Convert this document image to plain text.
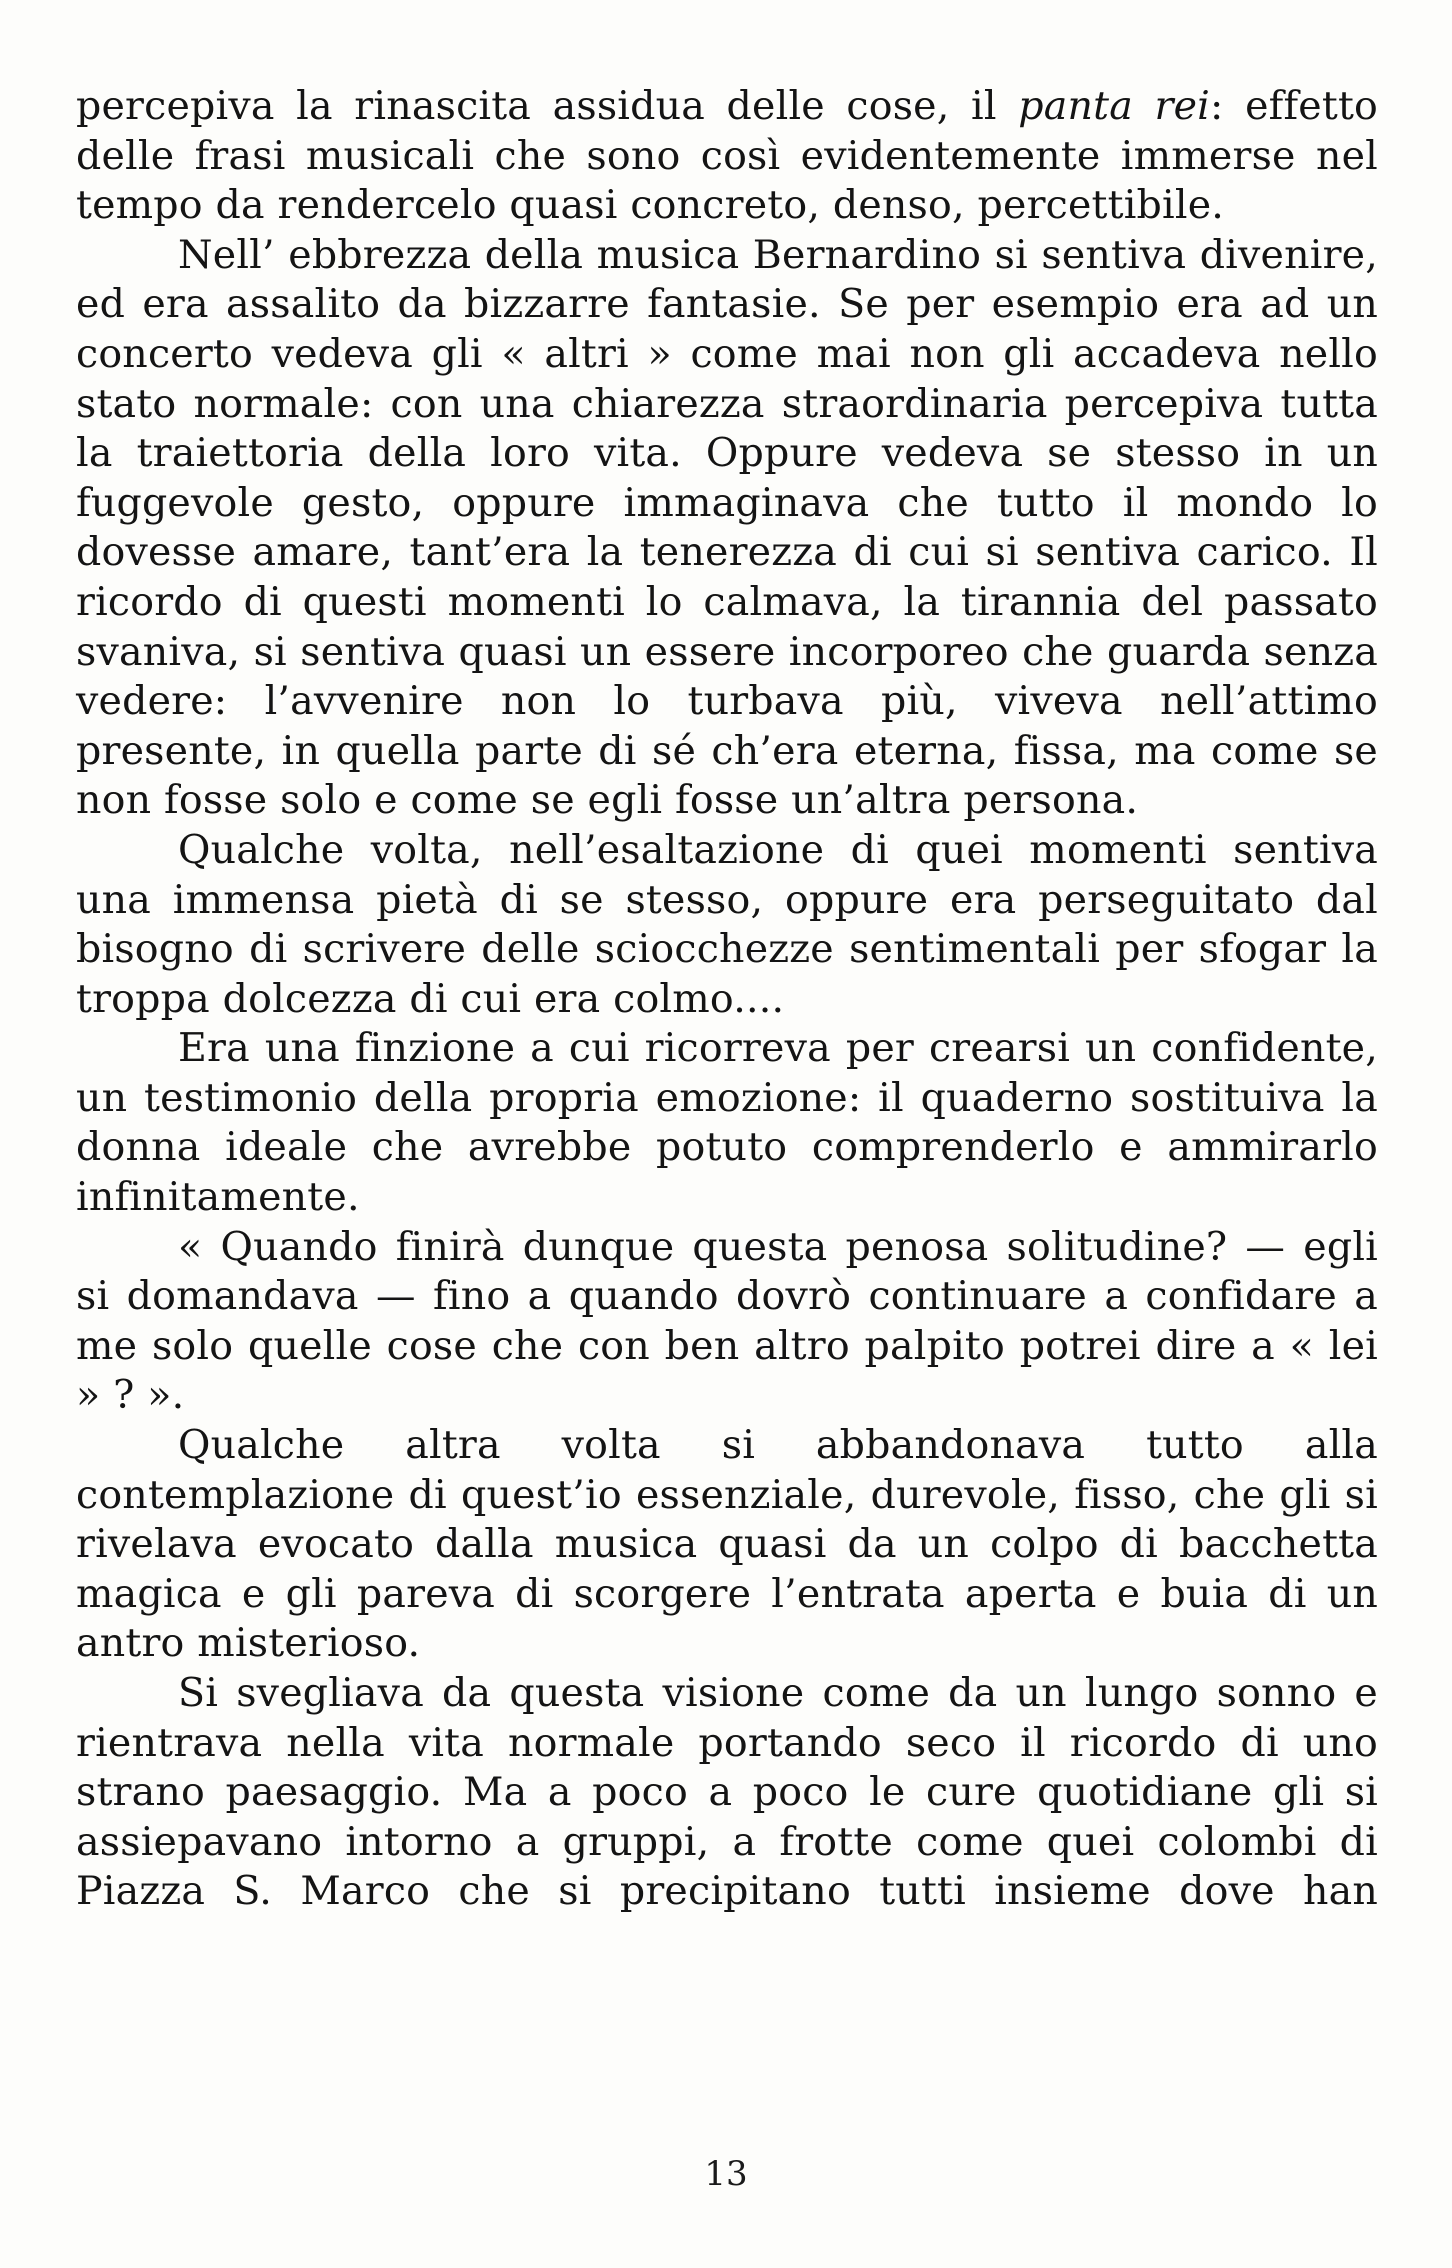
percepiva la rinascita assidua delle cose, il panta rei: effetto delle frasi musicali che sono così evidentemente immerse nel tempo da rendercelo quasi concreto, denso, percettibile.

Nell’ ebbrezza della musica Bernardino si sentiva divenire, ed era assalito da bizzarre fantasie. Se per esempio era ad un concerto vedeva gli « altri » come mai non gli accadeva nello stato normale: con una chiarezza straordinaria percepiva tutta la traiettoria della loro vita. Oppure vedeva se stesso in un fuggevole gesto, oppure immaginava che tutto il mondo lo dovesse amare, tant’era la tenerezza di cui si sentiva carico. Il ricordo di questi momenti lo calmava, la tirannia del passato svaniva, si sentiva quasi un essere incorporeo che guarda senza vedere: l’avvenire non lo turbava più, viveva nell’attimo presente, in quella parte di sé ch’era eterna, fissa, ma come se non fosse solo e come se egli fosse un’altra persona.

Qualche volta, nell’esaltazione di quei momenti sentiva una immensa pietà di se stesso, oppure era perseguitato dal bisogno di scrivere delle sciocchezze sentimentali per sfogar la troppa dolcezza di cui era colmo....

Era una finzione a cui ricorreva per crearsi un confidente, un testimonio della propria emozione: il quaderno sostituiva la donna ideale che avrebbe potuto comprenderlo e ammirarlo infinitamente.

« Quando finirà dunque questa penosa solitudine? — egli si domandava — fino a quando dovrò continuare a confidare a me solo quelle cose che con ben altro palpito potrei dire a « lei » ? ».

Qualche altra volta si abbandonava tutto alla contemplazione di quest’io essenziale, durevole, fisso, che gli si rivelava evocato dalla musica quasi da un colpo di bacchetta magica e gli pareva di scorgere l’entrata aperta e buia di un antro misterioso.

Si svegliava da questa visione come da un lungo sonno e rientrava nella vita normale portando seco il ricordo di uno strano paesaggio. Ma a poco a poco le cure quotidiane gli si assiepavano intorno a gruppi, a frotte come quei colombi di Piazza S. Marco che si precipitano tutti insieme dove han

13
